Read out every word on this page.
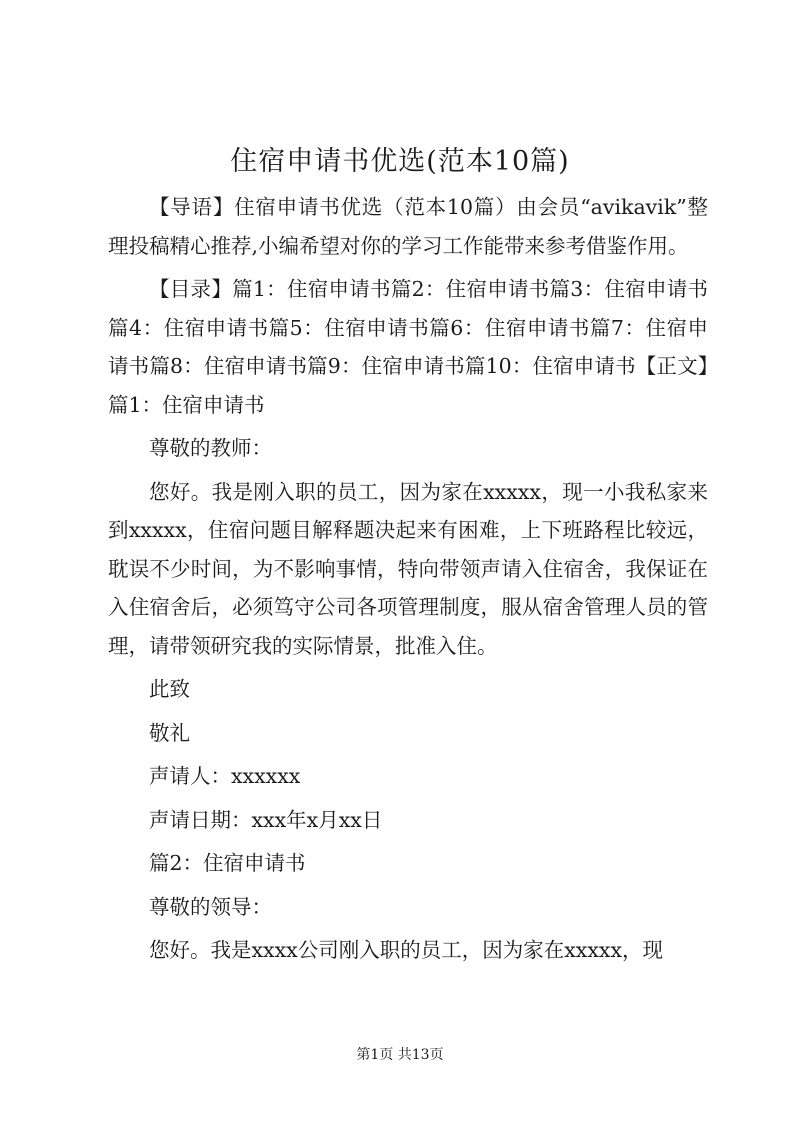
住宿申请书优选(范本10篇)

【导语】住宿申请书优选（范本10篇）由会员“avikavik”整理投稿精心推荐,小编希望对你的学习工作能带来参考借鉴作用。

【目录】篇1：住宿申请书篇2：住宿申请书篇3：住宿申请书篇4：住宿申请书篇5：住宿申请书篇6：住宿申请书篇7：住宿申请书篇8：住宿申请书篇9：住宿申请书篇10：住宿申请书【正文】篇1：住宿申请书

尊敬的教师：

您好。我是刚入职的员工，因为家在xxxxx，现一小我私家来到xxxxx，住宿问题目解释题决起来有困难，上下班路程比较远，耽误不少时间，为不影响事情，特向带领声请入住宿舍，我保证在入住宿舍后，必须笃守公司各项管理制度，服从宿舍管理人员的管理，请带领研究我的实际情景，批准入住。

此致

敬礼

声请人：xxxxxx

声请日期：xxx年x月xx日

篇2：住宿申请书

尊敬的领导：

您好。我是xxxx公司刚入职的员工，因为家在xxxxx，现

第1页 共13页
